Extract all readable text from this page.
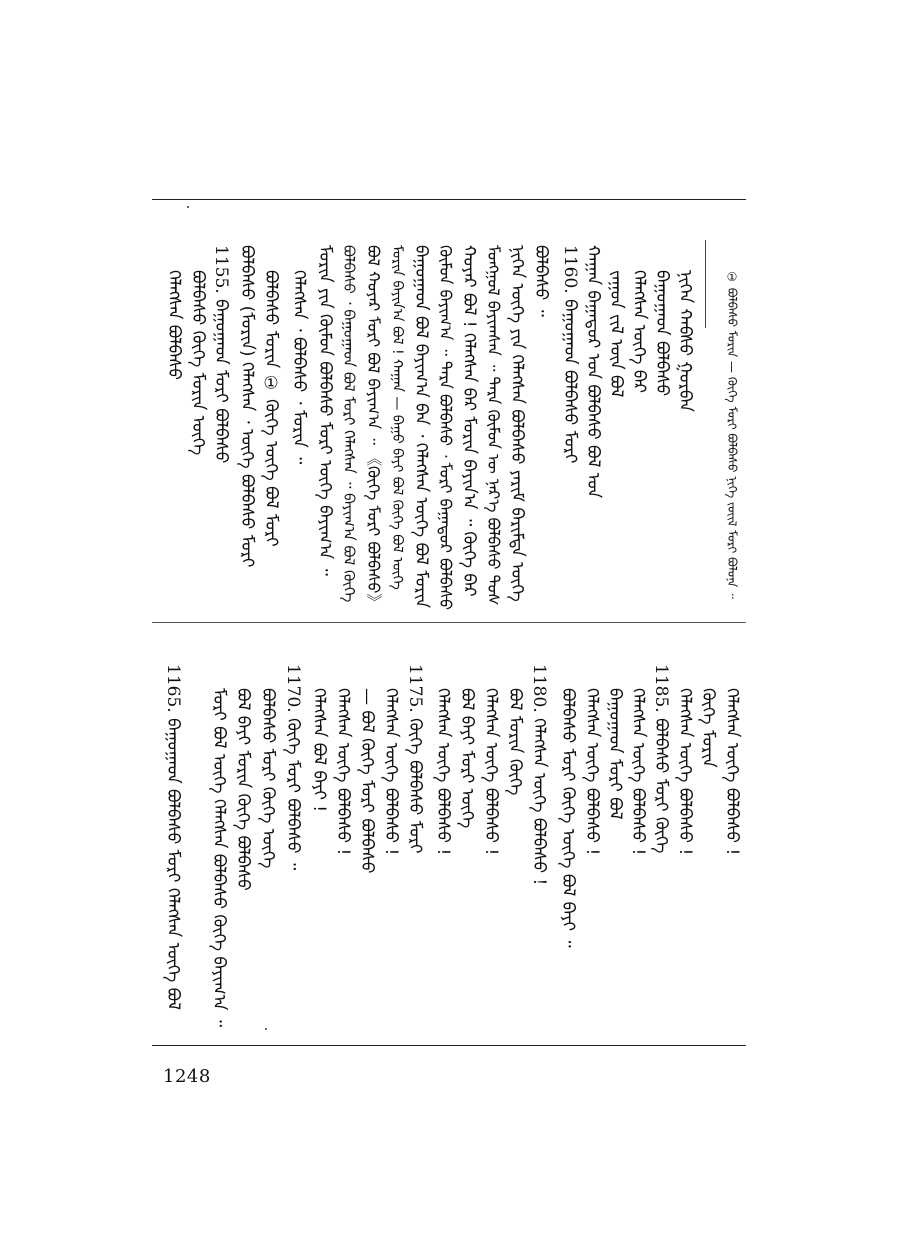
① ᠪᠣᠯᠪᠠᠰᠤ ᠮᠣᠷᠢᠨ — ᠬᠥᠭᠡ ᠮᠣᠷᠢ ᠪᠣᠯᠪᠠᠰᠤ ᠨᠢᠭᠡ ᠵᠦᠢᠯ ᠮᠣᠷᠢ ᠪᠣᠯᠤᠨᠠ ᠃
ᠨᠢᠭᠡᠨ ᠬᠠᠪᠰᠤ ᠭᠤᠷᠪᠠᠨ
ᠪᠠᠭᠤᠭᠠᠳ ᠪᠣᠯᠪᠠᠰᠤ
ᠬᠡᠯᠡᠭᠰᠡᠨ ᠦᠭᠡ ᠪᠡᠷ
ᠵᠠᠭᠤᠨ ᠵᠢᠯ ᠦᠨ ᠪᠣᠯ
ᠬᠠᠭᠠᠨ ᠪᠠᠭᠠᠲᠤᠷ ᠤᠨ ᠪᠣᠯᠪᠠᠰᠤ ᠪᠣᠯ ᠤᠨ
1160. ᠪᠠᠭᠤᠭᠠᠳ ᠪᠣᠯᠪᠠᠰᠤ ᠮᠣᠷᠢ
ᠪᠣᠯᠪᠠᠰᠤ ᠃
ᠨᠢᠭᠡᠨ ᠦᠭᠡ ᠶᠢᠨ ᠬᠡᠯᠡᠭᠰᠡᠨ ᠪᠣᠯᠪᠠᠰᠤ ᠶᠠᠷᠢᠮ ᠪᠠᠷᠢᠮᠲᠠ ᠦᠭᠡ
ᠮᠣᠩᠭᠣᠯ ᠪᠠᠶᠢᠭᠰᠠᠨ ᠃ ᠲᠡᠷᠡ ᠬᠦᠮᠦᠨ ᠦ ᠨᠡᠷ᠎ᠡ ᠪᠣᠯᠪᠠᠰᠤ ᠲᠤᠰ
ᠬᠣᠶᠠᠷ ᠪᠣᠯ ! ᠬᠡᠯᠡᠭᠰᠡᠨ ᠪᠡᠷ ᠮᠣᠷᠢᠨ ᠪᠠᠶᠢᠨ᠎ᠠ ᠃ ᠬᠥᠭᠡ ᠪᠡᠷ
ᠬᠦᠮᠦᠨ ᠪᠠᠶᠢᠭ᠎ᠠ ᠃ ᠲᠡᠷᠡ ᠪᠣᠯᠪᠠᠰᠤ ᠂ ᠮᠣᠷᠢ ᠪᠠᠭᠠᠲᠤᠷ ᠪᠣᠯᠪᠠᠰᠤ
ᠪᠠᠭᠤᠭᠠᠳ ᠪᠣᠯ ᠪᠠᠶᠢᠭ᠎ᠠ ᠪᠠᠨ ᠂ ᠬᠡᠯᠡᠭᠰᠡᠨ ᠦᠭᠡ ᠪᠣᠯ ᠮᠣᠷᠢᠨ
ᠮᠣᠷᠢᠨ ᠪᠠᠶᠢᠨ᠎ᠠ ᠪᠣᠯ ! ᠬᠠᠭᠠᠨ — ᠪᠠᠭᠤ ᠪᠠᠶᠢ ᠪᠣᠯ ᠬᠥᠭᠡ ᠪᠣᠯ ᠦᠭᠡ
ᠪᠣᠯ ᠬᠣᠶᠠᠷ ᠮᠣᠷᠢ ᠪᠣᠯ ᠪᠠᠶᠢᠭ᠎ᠠ ᠃ 《ᠬᠥᠭᠡ ᠮᠣᠷᠢ ᠪᠣᠯᠪᠠᠰᠤ》
ᠪᠣᠯᠪᠠᠰᠤ ᠂ ᠪᠠᠭᠤᠭᠠᠳ ᠪᠣᠯ ᠮᠣᠷᠢ ᠬᠡᠯᠡᠭᠰᠡᠨ ᠃ ᠪᠠᠶᠢᠭ᠎ᠠ ᠪᠣᠯ ᠬᠥᠭᠡ
ᠮᠣᠷᠢᠨ ᠶᠢᠨ ᠬᠦᠮᠦᠨ ᠪᠣᠯᠪᠠᠰᠤ ᠮᠣᠷᠢ ᠦᠭᠡ ᠪᠠᠶᠢᠭ᠎ᠠ ᠃
ᠬᠡᠯᠡᠭᠰᠡᠨ ᠂ ᠪᠣᠯᠪᠠᠰᠤ ᠂ ᠮᠣᠷᠢᠨ ᠃
ᠪᠣᠯᠪᠠᠰᠤ ᠮᠣᠷᠢᠨ ① ᠬᠥᠭᠡ ᠦᠭᠡ ᠪᠣᠯ ᠮᠣᠷᠢ
ᠪᠣᠯᠪᠠᠰᠤ (ᠮᠣᠷᠢᠨ) ᠬᠡᠯᠡᠭᠰᠡᠨ ᠂ ᠦᠭᠡ ᠪᠣᠯᠪᠠᠰᠤ ᠮᠣᠷᠢ
1155. ᠪᠠᠭᠤᠭᠠᠳ ᠮᠣᠷᠢ ᠪᠣᠯᠪᠠᠰᠤ
ᠪᠣᠯᠪᠠᠰᠤ ᠬᠥᠭᠡ ᠮᠣᠷᠢᠨ ᠦᠭᠡ
ᠬᠡᠯᠡᠭᠰᠡᠨ ᠪᠣᠯᠪᠠᠰᠤ
ᠬᠡᠯᠡᠭᠰᠡᠨ ᠦᠭᠡ ᠪᠣᠯᠪᠠᠰᠤ !
ᠬᠥᠭᠡ ᠮᠣᠷᠢᠨ
ᠬᠡᠯᠡᠭᠰᠡᠨ ᠦᠭᠡ ᠪᠣᠯᠪᠠᠰᠤ !
1185. ᠪᠣᠯᠪᠠᠰᠤ ᠮᠣᠷᠢ ᠬᠥᠭᠡ
ᠬᠡᠯᠡᠭᠰᠡᠨ ᠦᠭᠡ ᠪᠣᠯᠪᠠᠰᠤ !
ᠪᠠᠭᠤᠭᠠᠳ ᠮᠣᠷᠢ ᠪᠣᠯ
ᠬᠡᠯᠡᠭᠰᠡᠨ ᠦᠭᠡ ᠪᠣᠯᠪᠠᠰᠤ !
ᠪᠣᠯᠪᠠᠰᠤ ᠮᠣᠷᠢ ᠬᠥᠭᠡ ᠦᠭᠡ ᠪᠣᠯ ᠪᠠᠶᠢ ᠃
1180. ᠬᠡᠯᠡᠭᠰᠡᠨ ᠦᠭᠡ ᠪᠣᠯᠪᠠᠰᠤ !
ᠪᠣᠯ ᠮᠣᠷᠢᠨ ᠬᠥᠭᠡ
ᠬᠡᠯᠡᠭᠰᠡᠨ ᠦᠭᠡ ᠪᠣᠯᠪᠠᠰᠤ !
ᠪᠣᠯ ᠪᠠᠶᠢ ᠮᠣᠷᠢ ᠦᠭᠡ
ᠬᠡᠯᠡᠭᠰᠡᠨ ᠦᠭᠡ ᠪᠣᠯᠪᠠᠰᠤ !
1175. ᠬᠥᠭᠡ ᠪᠣᠯᠪᠠᠰᠤ ᠮᠣᠷᠢ
ᠬᠡᠯᠡᠭᠰᠡᠨ ᠦᠭᠡ ᠪᠣᠯᠪᠠᠰᠤ !
— ᠪᠣᠯ ᠬᠥᠭᠡ ᠮᠣᠷᠢ ᠪᠣᠯᠪᠠᠰᠤ
ᠬᠡᠯᠡᠭᠰᠡᠨ ᠦᠭᠡ ᠪᠣᠯᠪᠠᠰᠤ !
ᠬᠡᠯᠡᠭᠰᠡᠨ ᠪᠣᠯ ᠪᠠᠶᠢ !
1170. ᠬᠥᠭᠡ ᠮᠣᠷᠢ ᠪᠣᠯᠪᠠᠰᠤ ᠃
ᠪᠣᠯᠪᠠᠰᠤ ᠮᠣᠷᠢ ᠬᠥᠭᠡ ᠦᠭᠡ
ᠪᠣᠯ ᠪᠠᠶᠢ ᠮᠣᠷᠢᠨ ᠬᠥᠭᠡ ᠪᠣᠯᠪᠠᠰᠤ
ᠮᠣᠷᠢ ᠪᠣᠯ ᠦᠭᠡ ᠬᠡᠯᠡᠭᠰᠡᠨ ᠪᠣᠯᠪᠠᠰᠤ ᠬᠥᠭᠡ ᠪᠠᠶᠢᠭ᠎ᠠ ᠃
1165. ᠪᠠᠭᠤᠭᠠᠳ ᠪᠣᠯᠪᠠᠰᠤ ᠮᠣᠷᠢ ᠬᠡᠯᠡᠭᠰᠡᠨ ᠦᠭᠡ ᠪᠣᠯ
1248
